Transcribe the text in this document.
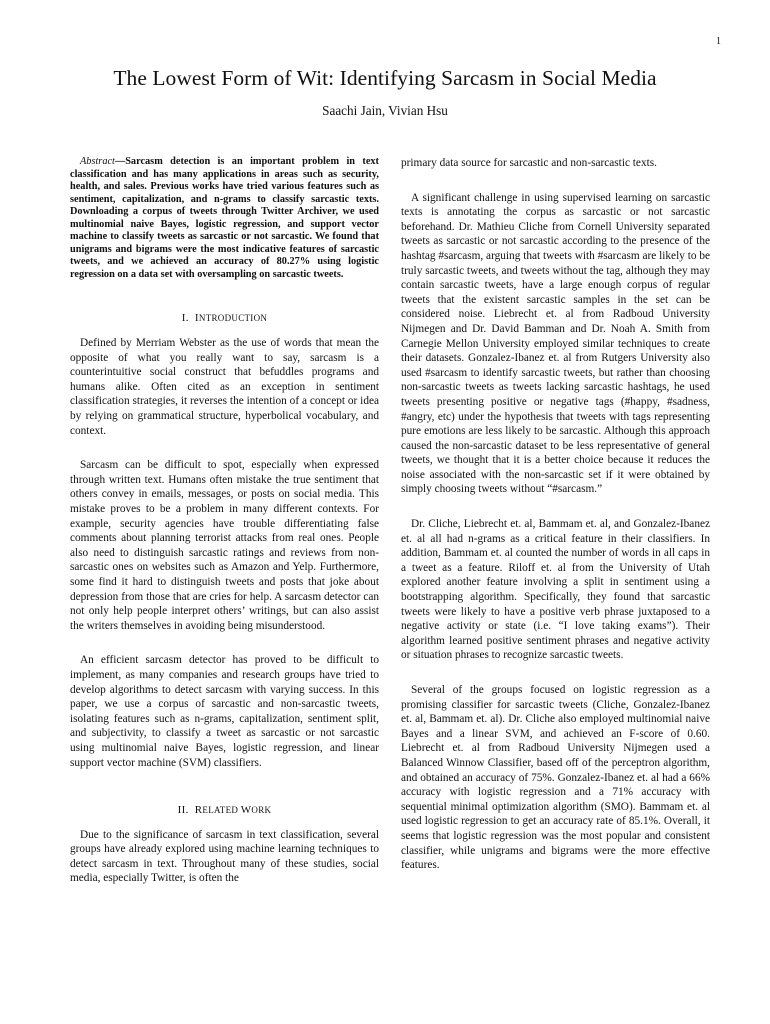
1
The Lowest Form of Wit: Identifying Sarcasm in Social Media
Saachi Jain, Vivian Hsu

Abstract—Sarcasm detection is an important problem in text classification and has many applications in areas such as security, health, and sales. Previous works have tried various features such as sentiment, capitalization, and n-grams to classify sarcastic texts. Downloading a corpus of tweets through Twitter Archiver, we used multinomial naive Bayes, logistic regression, and support vector machine to classify tweets as sarcastic or not sarcastic. We found that unigrams and bigrams were the most indicative features of sarcastic tweets, and we achieved an accuracy of 80.27% using logistic regression on a data set with oversampling on sarcastic tweets.

I. INTRODUCTION

Defined by Merriam Webster as the use of words that mean the opposite of what you really want to say, sarcasm is a counterintuitive social construct that befuddles programs and humans alike. Often cited as an exception in sentiment classification strategies, it reverses the intention of a concept or idea by relying on grammatical structure, hyperbolical vocabulary, and context.

Sarcasm can be difficult to spot, especially when expressed through written text. Humans often mistake the true sentiment that others convey in emails, messages, or posts on social media. This mistake proves to be a problem in many different contexts. For example, security agencies have trouble differentiating false comments about planning terrorist attacks from real ones. People also need to distinguish sarcastic ratings and reviews from non-sarcastic ones on websites such as Amazon and Yelp. Furthermore, some find it hard to distinguish tweets and posts that joke about depression from those that are cries for help. A sarcasm detector can not only help people interpret others’ writings, but can also assist the writers themselves in avoiding being misunderstood.

An efficient sarcasm detector has proved to be difficult to implement, as many companies and research groups have tried to develop algorithms to detect sarcasm with varying success. In this paper, we use a corpus of sarcastic and non-sarcastic tweets, isolating features such as n-grams, capitalization, sentiment split, and subjectivity, to classify a tweet as sarcastic or not sarcastic using multinomial naive Bayes, logistic regression, and linear support vector machine (SVM) classifiers.

II. RELATED WORK

Due to the significance of sarcasm in text classification, several groups have already explored using machine learning techniques to detect sarcasm in text. Throughout many of these studies, social media, especially Twitter, is often the

primary data source for sarcastic and non-sarcastic texts.

A significant challenge in using supervised learning on sarcastic texts is annotating the corpus as sarcastic or not sarcastic beforehand. Dr. Mathieu Cliche from Cornell University separated tweets as sarcastic or not sarcastic according to the presence of the hashtag #sarcasm, arguing that tweets with #sarcasm are likely to be truly sarcastic tweets, and tweets without the tag, although they may contain sarcastic tweets, have a large enough corpus of regular tweets that the existent sarcastic samples in the set can be considered noise. Liebrecht et. al from Radboud University Nijmegen and Dr. David Bamman and Dr. Noah A. Smith from Carnegie Mellon University employed similar techniques to create their datasets. Gonzalez-Ibanez et. al from Rutgers University also used #sarcasm to identify sarcastic tweets, but rather than choosing non-sarcastic tweets as tweets lacking sarcastic hashtags, he used tweets presenting positive or negative tags (#happy, #sadness, #angry, etc) under the hypothesis that tweets with tags representing pure emotions are less likely to be sarcastic. Although this approach caused the non-sarcastic dataset to be less representative of general tweets, we thought that it is a better choice because it reduces the noise associated with the non-sarcastic set if it were obtained by simply choosing tweets without “#sarcasm.”

Dr. Cliche, Liebrecht et. al, Bammam et. al, and Gonzalez-Ibanez et. al all had n-grams as a critical feature in their classifiers. In addition, Bammam et. al counted the number of words in all caps in a tweet as a feature. Riloff et. al from the University of Utah explored another feature involving a split in sentiment using a bootstrapping algorithm. Specifically, they found that sarcastic tweets were likely to have a positive verb phrase juxtaposed to a negative activity or state (i.e. “I love taking exams”). Their algorithm learned positive sentiment phrases and negative activity or situation phrases to recognize sarcastic tweets.

Several of the groups focused on logistic regression as a promising classifier for sarcastic tweets (Cliche, Gonzalez-Ibanez et. al, Bammam et. al). Dr. Cliche also employed multinomial naive Bayes and a linear SVM, and achieved an F-score of 0.60. Liebrecht et. al from Radboud University Nijmegen used a Balanced Winnow Classifier, based off of the perceptron algorithm, and obtained an accuracy of 75%. Gonzalez-Ibanez et. al had a 66% accuracy with logistic regression and a 71% accuracy with sequential minimal optimization algorithm (SMO). Bammam et. al used logistic regression to get an accuracy rate of 85.1%. Overall, it seems that logistic regression was the most popular and consistent classifier, while unigrams and bigrams were the more effective features.
